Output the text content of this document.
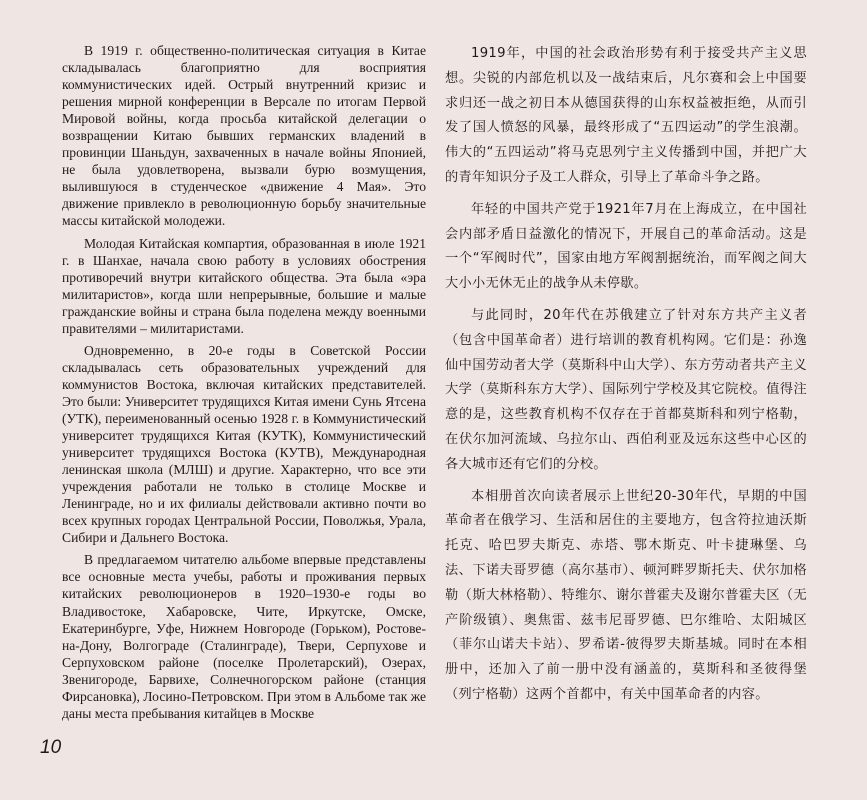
В 1919 г. общественно-политическая ситуация в Китае складывалась благоприятно для восприятия коммунистических идей. Острый внутренний кризис и решения мирной конференции в Версале по итогам Первой Мировой войны, когда просьба китайской делегации о возвращении Китаю бывших германских владений в провинции Шаньдун, захваченных в начале войны Японией, не была удовлетворена, вызвали бурю возмущения, вылившуюся в студенческое «движение 4 Мая». Это движение привлекло в революционную борьбу значительные массы китайской молодежи.

Молодая Китайская компартия, образованная в июле 1921 г. в Шанхае, начала свою работу в условиях обострения противоречий внутри китайского общества. Эта была «эра милитаристов», когда шли непрерывные, большие и малые гражданские войны и страна была поделена между военными правителями – милитаристами.

Одновременно, в 20-е годы в Советской России складывалась сеть образовательных учреждений для коммунистов Востока, включая китайских представителей. Это были: Университет трудящихся Китая имени Сунь Ятсена (УТК), переименованный осенью 1928 г. в Коммунистический университет трудящихся Китая (КУТК), Коммунистический университет трудящихся Востока (КУТВ), Международная ленинская школа (МЛШ) и другие. Характерно, что все эти учреждения работали не только в столице Москве и Ленинграде, но и их филиалы действовали активно почти во всех крупных городах Центральной России, Поволжья, Урала, Сибири и Дальнего Востока.

В предлагаемом читателю альбоме впервые представлены все основные места учебы, работы и проживания первых китайских революционеров в 1920–1930-е годы во Владивостоке, Хабаровске, Чите, Иркутске, Омске, Екатеринбурге, Уфе, Нижнем Новгороде (Горьком), Ростове-на-Дону, Волгограде (Сталинграде), Твери, Серпухове и Серпуховском районе (поселке Пролетарский), Озерах, Звенигороде, Барвихе, Солнечногорском районе (станция Фирсановка), Лосино-Петровском. При этом в Альбоме так же даны места пребывания китайцев в Москве

1919年，中国的社会政治形势有利于接受共产主义思想。尖锐的内部危机以及一战结束后，凡尔赛和会上中国要求归还一战之初日本从德国获得的山东权益被拒绝，从而引发了国人愤怒的风暴，最终形成了“五四运动”的学生浪潮。伟大的“五四运动”将马克思列宁主义传播到中国，并把广大的青年知识分子及工人群众，引导上了革命斗争之路。

年轻的中国共产党于1921年7月在上海成立，在中国社会内部矛盾日益激化的情况下，开展自己的革命活动。这是一个“军阀时代”，国家由地方军阀割据统治，而军阀之间大大小小无休无止的战争从未停歇。

与此同时，20年代在苏俄建立了针对东方共产主义者（包含中国革命者）进行培训的教育机构网。它们是：孙逸仙中国劳动者大学（莫斯科中山大学）、东方劳动者共产主义大学（莫斯科东方大学）、国际列宁学校及其它院校。值得注意的是，这些教育机构不仅存在于首都莫斯科和列宁格勒，在伏尔加河流域、乌拉尔山、西伯利亚及远东这些中心区的各大城市还有它们的分校。

本相册首次向读者展示上世纪20-30年代，早期的中国革命者在俄学习、生活和居住的主要地方，包含符拉迪沃斯托克、哈巴罗夫斯克、赤塔、鄂木斯克、叶卡捷琳堡、乌法、下诺夫哥罗德（高尔基市）、顿河畔罗斯托夫、伏尔加格勒（斯大林格勒）、特维尔、谢尔普霍夫及谢尔普霍夫区（无产阶级镇）、奥焦雷、兹韦尼哥罗德、巴尔维哈、太阳城区（菲尔山诺夫卡站）、罗希诺-彼得罗夫斯基城。同时在本相册中，还加入了前一册中没有涵盖的，莫斯科和圣彼得堡（列宁格勒）这两个首都中，有关中国革命者的内容。

10
